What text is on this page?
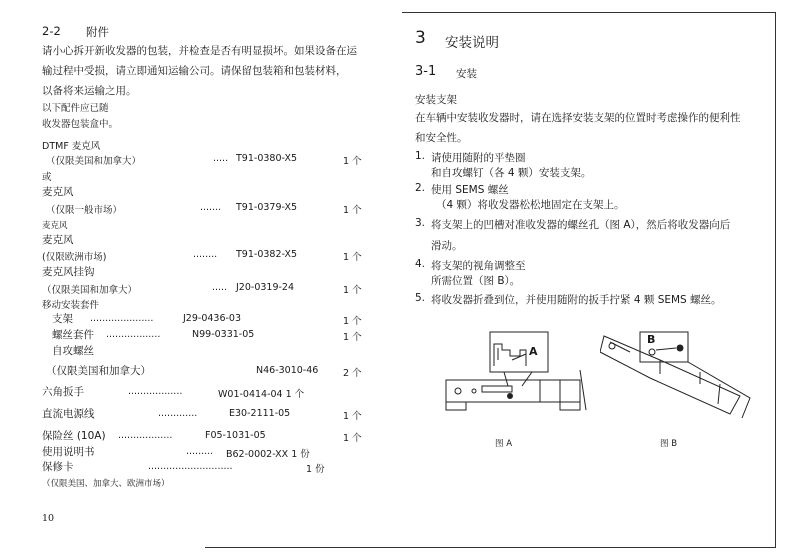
2-2 附件
请小心拆开新收发器的包装，并检查是否有明显损坏。如果设备在运
输过程中受损，请立即通知运输公司。请保留包装箱和包装材料，
以备将来运输之用。
以下配件应已随
收发器包装盒中。
DTMF 麦克风
（仅限美国和加拿大）	..... T91-0380-X5	1 个
或
麦克风
（仅限一般市场）	....... T91-0379-X5	1 个
麦克风
麦克风
(仅限欧洲市场)	........ T91-0382-X5	1 个
麦克风挂钩
（仅限美国和加拿大）	..... J20-0319-24	1 个
移动安装套件
支架 .....................	J29-0436-03	1 个
螺丝套件 ..................	N99-0331-05	1 个
自攻螺丝
（仅限美国和加拿大）	N46-3010-46	2 个
六角扳手	..................	W01-0414-04 1 个
直流电源线	.............	E30-2111-05	1 个
保险丝 (10A) ..................	F05-1031-05	1 个
使用说明书	......... B62-0002-XX 1 份
保修卡	............................	1 份
（仅限美国、加拿大、欧洲市场）
10
3 安装说明
3-1 安装
安装支架
在车辆中安装收发器时，请在选择安装支架的位置时考虑操作的便利性
和安全性。
1. 请使用随附的平垫圈
和自攻螺钉（各 4 颗）安装支架。
2. 使用 SEMS 螺丝
（4 颗）将收发器松松地固定在支架上。
3. 将支架上的凹槽对准收发器的螺丝孔（图 A），然后将收发器向后
滑动。
4. 将支架的视角调整至
所需位置（图 B）。
5. 将收发器折叠到位，并使用随附的扳手拧紧 4 颗 SEMS 螺丝。
A
图 A
B
图 B
